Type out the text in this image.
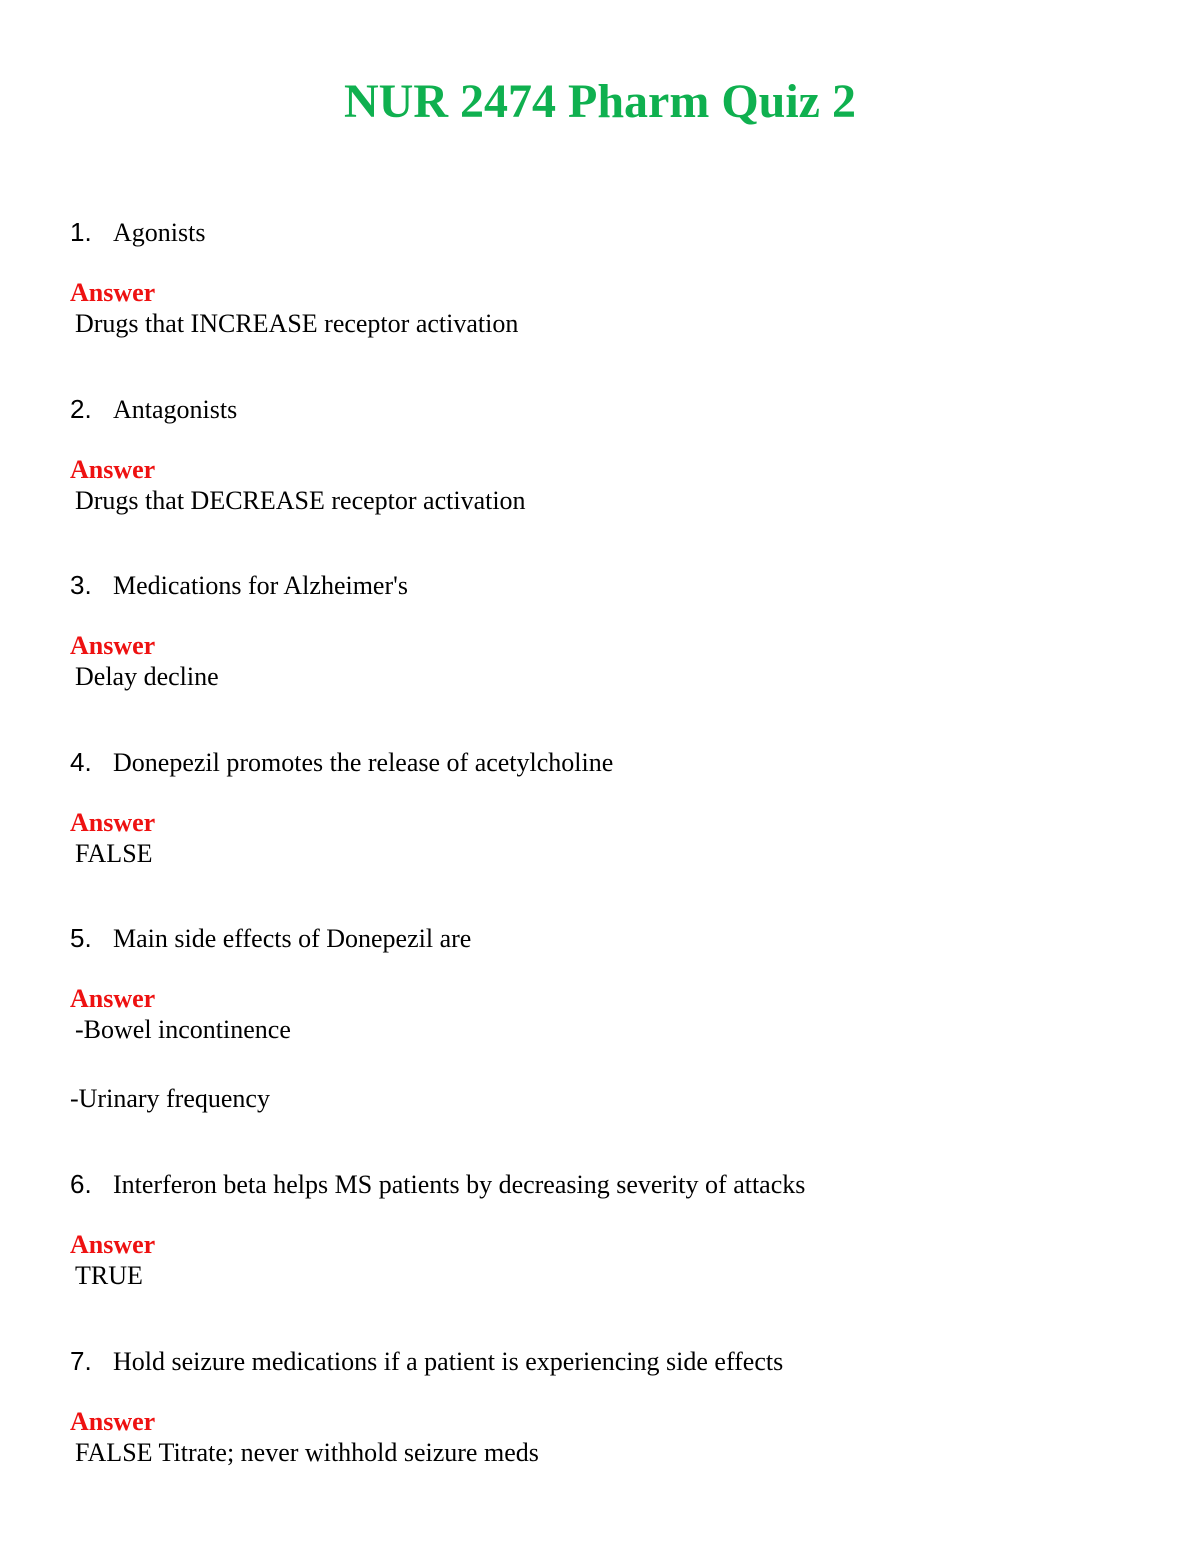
NUR 2474 Pharm Quiz 2
1. Agonists
Answer
Drugs that INCREASE receptor activation
2. Antagonists
Answer
Drugs that DECREASE receptor activation
3. Medications for Alzheimer's
Answer
Delay decline
4. Donepezil promotes the release of acetylcholine
Answer
FALSE
5. Main side effects of Donepezil are
Answer
-Bowel incontinence
-Urinary frequency
6. Interferon beta helps MS patients by decreasing severity of attacks
Answer
TRUE
7. Hold seizure medications if a patient is experiencing side effects
Answer
FALSE Titrate; never withhold seizure meds
